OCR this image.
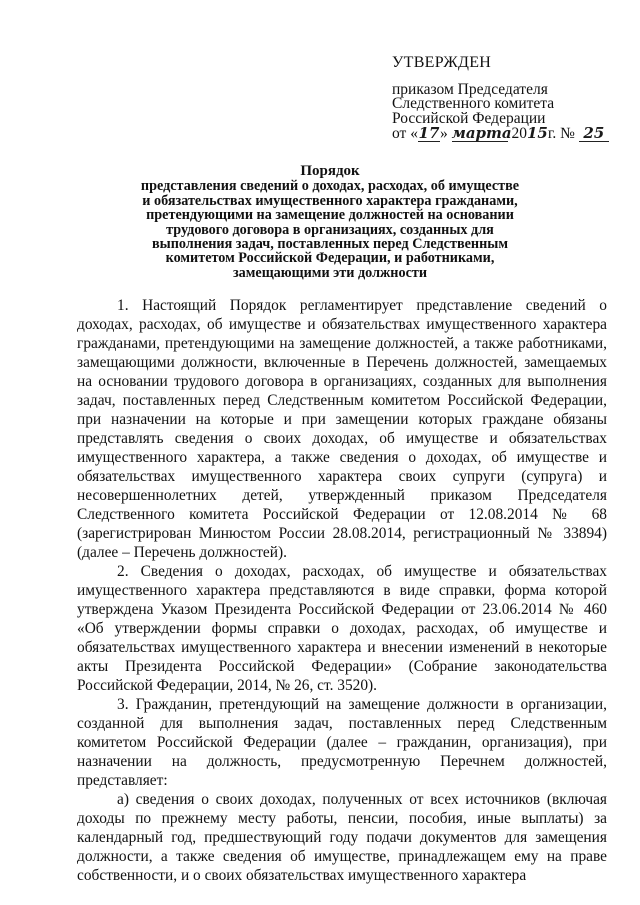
УТВЕРЖДЕН
приказом Председателя
Следственного комитета
Российской Федерации
от «17» марта 2015г. № 25
Порядок
представления сведений о доходах, расходах, об имуществе
и обязательствах имущественного характера гражданами,
претендующими на замещение должностей на основании
трудового договора в организациях, созданных для
выполнения задач, поставленных перед Следственным
комитетом Российской Федерации, и работниками,
замещающими эти должности

1. Настоящий Порядок регламентирует представление сведений о доходах, расходах, об имуществе и обязательствах имущественного характера гражданами, претендующими на замещение должностей, а также работниками, замещающими должности, включенные в Перечень должностей, замещаемых на основании трудового договора в организациях, созданных для выполнения задач, поставленных перед Следственным комитетом Российской Федерации, при назначении на которые и при замещении которых граждане обязаны представлять сведения о своих доходах, об имуществе и обязательствах имущественного характера, а также сведения о доходах, об имуществе и обязательствах имущественного характера своих супруги (супруга) и несовершеннолетних детей, утвержденный приказом Председателя Следственного комитета Российской Федерации от 12.08.2014 № 68 (зарегистрирован Минюстом России 28.08.2014, регистрационный № 33894) (далее – Перечень должностей).

2. Сведения о доходах, расходах, об имуществе и обязательствах имущественного характера представляются в виде справки, форма которой утверждена Указом Президента Российской Федерации от 23.06.2014 № 460 «Об утверждении формы справки о доходах, расходах, об имуществе и обязательствах имущественного характера и внесении изменений в некоторые акты Президента Российской Федерации» (Собрание законодательства Российской Федерации, 2014, № 26, ст. 3520).

3. Гражданин, претендующий на замещение должности в организации, созданной для выполнения задач, поставленных перед Следственным комитетом Российской Федерации (далее – гражданин, организация), при назначении на должность, предусмотренную Перечнем должностей, представляет:

а) сведения о своих доходах, полученных от всех источников (включая доходы по прежнему месту работы, пенсии, пособия, иные выплаты) за календарный год, предшествующий году подачи документов для замещения должности, а также сведения об имуществе, принадлежащем ему на праве собственности, и о своих обязательствах имущественного характера
